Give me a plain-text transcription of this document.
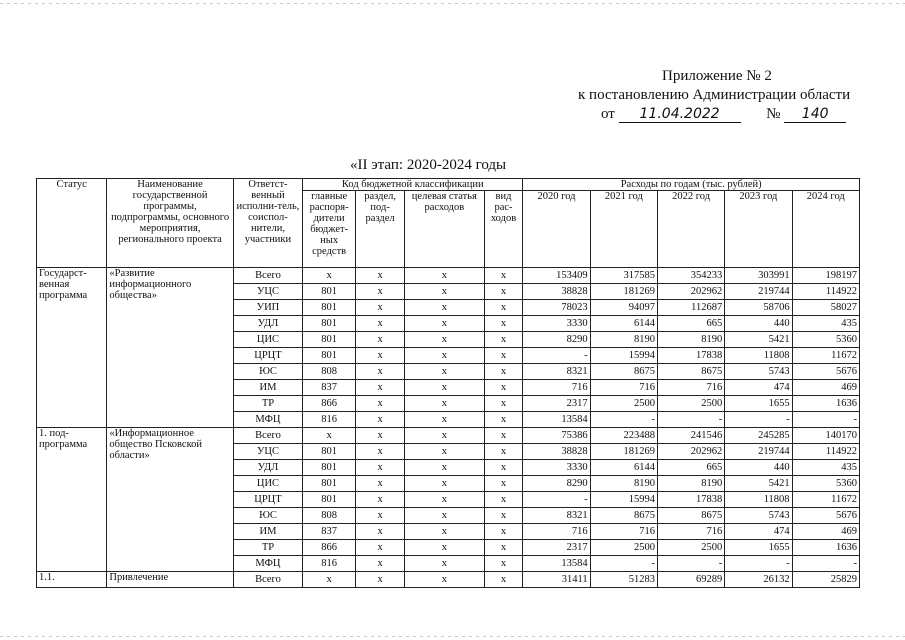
Приложение № 2
к постановлению Администрации области
от 11.04.2022	№ 140
«II этап: 2020-2024 годы
Статус	Наименование государственной программы, подпрограммы, основного мероприятия, регионального проекта	Ответст-венный исполни-тель, соиспол-нители, участники	Код бюджетной классификации				Расходы по годам (тыс. рублей)				
			главные распоря-дители бюджет-ных средств	раздел, под-раздел	целевая статья расходов	вид рас-ходов	2020 год	2021 год	2022 год	2023 год	2024 год
Государст-венная программа	«Развитие информационного общества»	Всего	x	x	x	x	153409	317585	354233	303991	198197
		УЦС	801	x	x	x	38828	181269	202962	219744	114922
		УИП	801	x	x	x	78023	94097	112687	58706	58027
		УДЛ	801	x	x	x	3330	6144	665	440	435
		ЦИС	801	x	x	x	8290	8190	8190	5421	5360
		ЦРЦТ	801	x	x	x	-	15994	17838	11808	11672
		ЮС	808	x	x	x	8321	8675	8675	5743	5676
		ИМ	837	x	x	x	716	716	716	474	469
		ТР	866	x	x	x	2317	2500	2500	1655	1636
		МФЦ	816	x	x	x	13584	-	-	-	-
1. под-программа	«Информационное общество Псковской области»	Всего	x	x	x	x	75386	223488	241546	245285	140170
		УЦС	801	x	x	x	38828	181269	202962	219744	114922
		УДЛ	801	x	x	x	3330	6144	665	440	435
		ЦИС	801	x	x	x	8290	8190	8190	5421	5360
		ЦРЦТ	801	x	x	x	-	15994	17838	11808	11672
		ЮС	808	x	x	x	8321	8675	8675	5743	5676
		ИМ	837	x	x	x	716	716	716	474	469
		ТР	866	x	x	x	2317	2500	2500	1655	1636
		МФЦ	816	x	x	x	13584	-	-	-	-
1.1.	Привлечение	Всего	x	x	x	x	31411	51283	69289	26132	25829
